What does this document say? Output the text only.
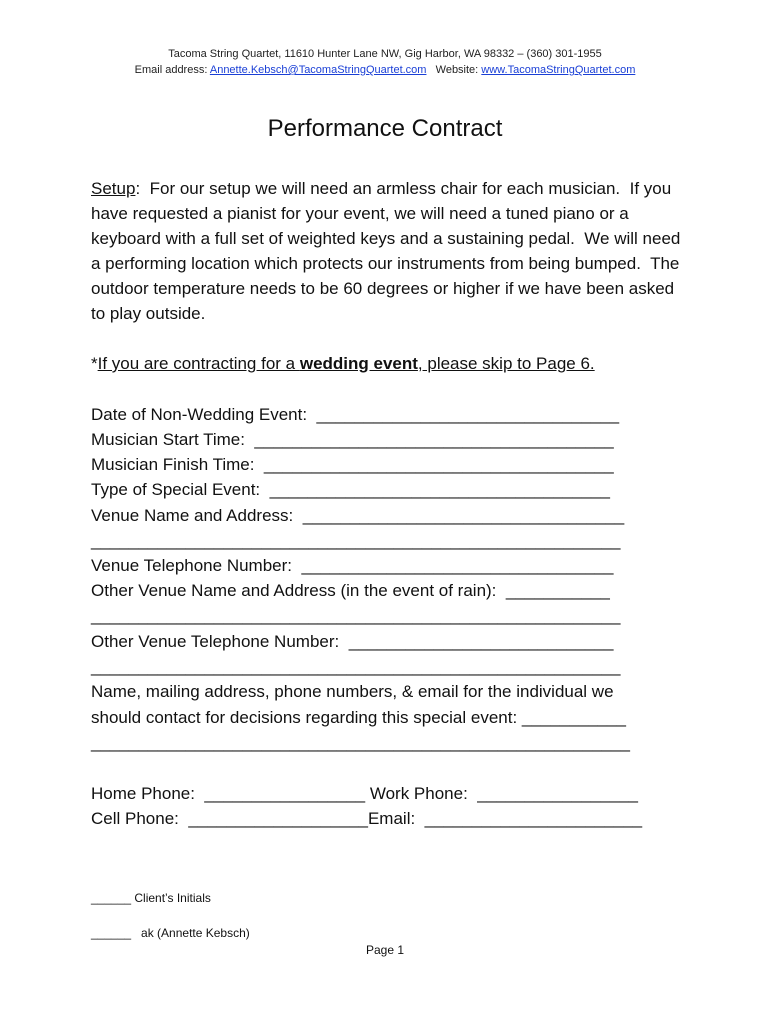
Tacoma String Quartet, 11610 Hunter Lane NW, Gig Harbor, WA 98332 – (360) 301-1955
Email address: Annette.Kebsch@TacomaStringQuartet.com Website: www.TacomaStringQuartet.com
Performance Contract
Setup:  For our setup we will need an armless chair for each musician.  If you have requested a pianist for your event, we will need a tuned piano or a keyboard with a full set of weighted keys and a sustaining pedal.  We will need a performing location which protects our instruments from being bumped.  The outdoor temperature needs to be 60 degrees or higher if we have been asked to play outside.
*If you are contracting for a wedding event, please skip to Page 6.
Date of Non-Wedding Event:  ________________________________
Musician Start Time:  ______________________________________
Musician Finish Time:  _____________________________________
Type of Special Event:  ____________________________________
Venue Name and Address:  __________________________________
________________________________________________________
Venue Telephone Number:  _________________________________
Other Venue Name and Address (in the event of rain):  ___________
________________________________________________________
Other Venue Telephone Number:  ____________________________
________________________________________________________
Name, mailing address, phone numbers, & email for the individual we
should contact for decisions regarding this special event: ___________
_________________________________________________________
Home Phone:  _________________ Work Phone:  _________________
Cell Phone:  ___________________Email:  _______________________
______ Client’s Initials
______   ak (Annette Kebsch)
Page 1
